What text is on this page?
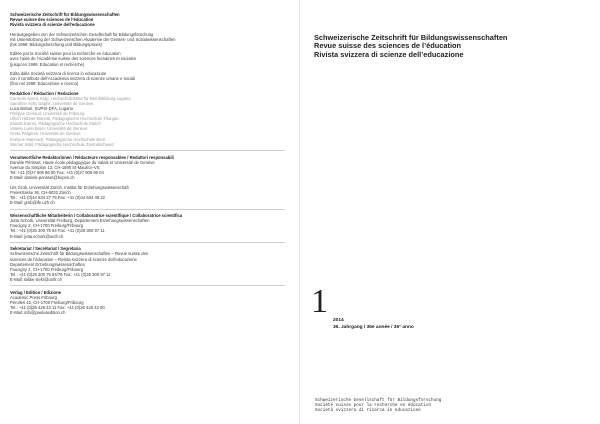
Schweizerische Zeitschrift für Bildungswissenschaften
Revue suisse des sciences de l’éducation
Rivista svizzera di scienze dell’educazione
Herausgegeben von der Schweizerischen Gesellschaft für Bildungsforschung
mit Unterstützung der Schweizerischen Akademie der Geistes- und Sozialwissenschaften
(bis 1999: Bildungsforschung und Bildungspraxis)
Editée par la Société suisse pour la recherche en éducation
avec l’aide de l’Académie suisse des sciences humaines et sociales
(jusqu’en 1999: Education et recherche)
Edita dalla Società svizzera di ricerca in educazione
con il contributo dell’Accademia svizzera di scienze umane e sociali
(fino nel 1999: Educazione e ricerca)
Redaktion / Rédaction / Redazione
Carmela Aprea, Eidg. Hochschulinstitut für Berufsbildung Lugano
Sandrine Aeby Daghé, Université de Genève
Luca Botturi, SUPSI-DFA, Lugano
Philippe Genoud, Université de Fribourg
Ulrich Hübner-Bonetti, Pädagogische Hochschule Thurgau
Zainab Kamm, Pädagogische Hochschule Zürich
Valérie Lussi Borer, Université de Genève
Greta Pelgrims, Université de Genève
Evelyne Wannack, Pädagogische Hochschule Bern
Werner Wild, Pädagogische Hochschule Zentralschweiz
Verantwortliche Redaktorinnen / Rédacteurs responsables / Redattori responsabili
Danièle Périsset, Haute école pédagogique du Valais et Université de Genève
Avenue du Simplon 13, CH-1890 St-Maurice-VS
Tel: +41 (0)27 606 96 00 Fax: +41 (0)27 606 96 04
E-Mail: daniele.perisset@hepvs.ch
Urs Grob, Universität Zürich, Institut für Erziehungswissenschaft
Freiestrasse 36, CH-8032 Zürich
Tel.: +41 (0)44 634 27 76 Fax: +41 (0)44 634 49 22
E-Mail: grob@ife.uzh.ch
Wissenschaftliche Mitarbeiterin / Collaboratrice scientifique / Collaboratrice scientifica
Jutta Schork, Universität Freiburg, Departement Erziehungswissenschaften
Faucigny 2, CH-1700 Freiburg/Fribourg
Tel.: +41 (0)26 300 75 84 Fax: +41 (0)26 300 97 11
E-Mail: jutta.schork@unifr.ch
Sekretariat / Secrétariat / Segretaria
Schweizerische Zeitschrift für Bildungswissenschaften – Revue suisse des
sciences de l’éducation – Rivista svizzera di scienze dell’educazione
Departement Erziehungswissenschaften
Faucigny 2, CH-1700 Freiburg/Fribourg
Tel.: +41 (0)26 300 75 84/76 Fax: +41 (0)26 300 97 11
E-Mail: Bildw-Sekr@unifr.ch
Verlag / Edition / Edizione
Academic Press Fribourg
Pérolles 42, CH-1700 Freiburg/Fribourg
Tel.: +41 (0)26 426 43 11 Fax: +41 (0)26 426 43 00
E-Mail: info@paulusedition.ch
Schweizerische Zeitschrift für Bildungswissenschaften
Revue suisse des sciences de l’éducation
Rivista svizzera di scienze dell’educazione
1
2014
36. Jahrgang / 36e année / 36° anno
Schweizerische Gesellschaft für Bildungsforschung
Société suisse pour la recherche en éducation
Società svizzera di ricerca in educazione
